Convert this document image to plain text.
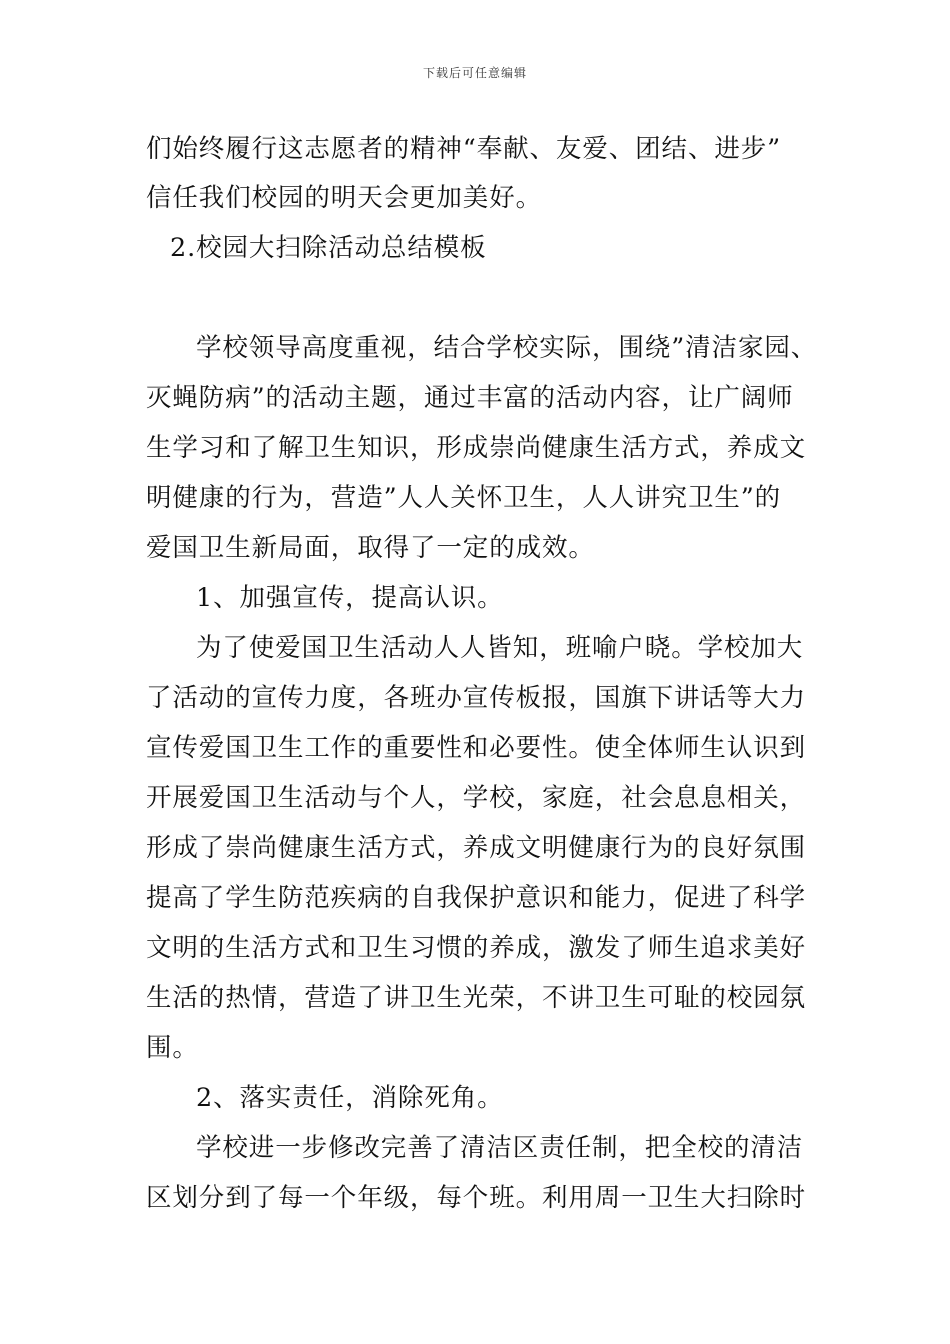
下载后可任意编辑
们始终履行这志愿者的精神“奉献、友爱、团结、进步”
信任我们校园的明天会更加美好。
2.校园大扫除活动总结模板
学校领导高度重视，结合学校实际，围绕”清洁家园、
灭蝇防病”的活动主题，通过丰富的活动内容，让广阔师
生学习和了解卫生知识，形成崇尚健康生活方式，养成文
明健康的行为，营造”人人关怀卫生，人人讲究卫生”的
爱国卫生新局面，取得了一定的成效。
1、加强宣传，提高认识。
为了使爱国卫生活动人人皆知，班喻户晓。学校加大
了活动的宣传力度，各班办宣传板报，国旗下讲话等大力
宣传爱国卫生工作的重要性和必要性。使全体师生认识到
开展爱国卫生活动与个人，学校，家庭，社会息息相关，
形成了崇尚健康生活方式，养成文明健康行为的良好氛围
提高了学生防范疾病的自我保护意识和能力，促进了科学
文明的生活方式和卫生习惯的养成，激发了师生追求美好
生活的热情，营造了讲卫生光荣，不讲卫生可耻的校园氛
围。
2、落实责任，消除死角。
学校进一步修改完善了清洁区责任制，把全校的清洁
区划分到了每一个年级，每个班。利用周一卫生大扫除时
